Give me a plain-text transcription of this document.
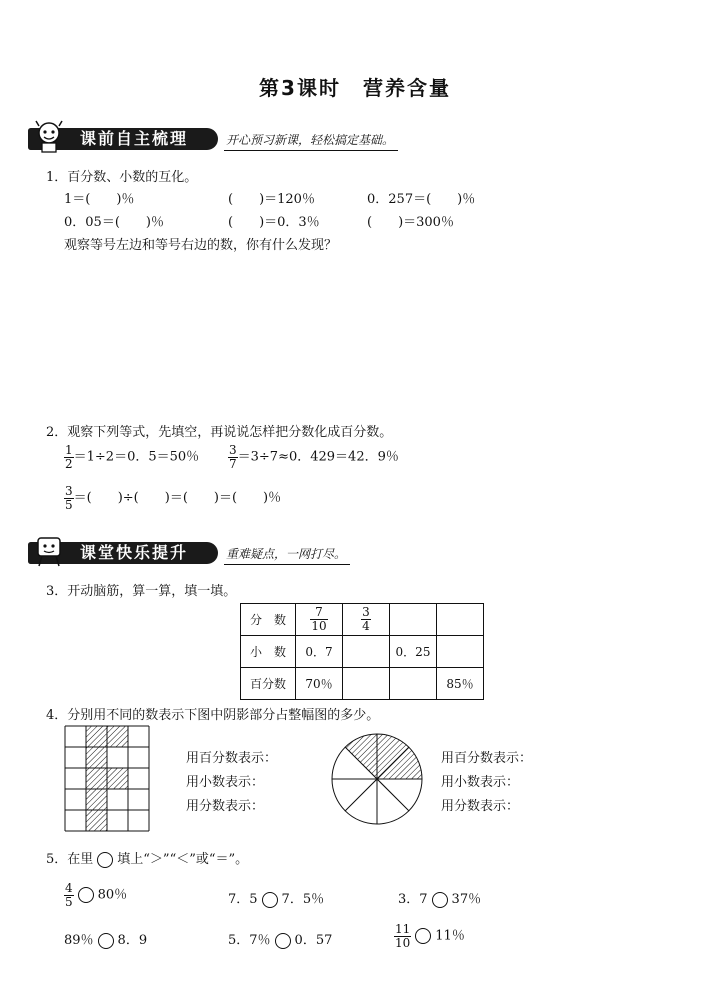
第3课时　营养含量
课前自主梳理	开心预习新课，轻松搞定基础。
1．百分数、小数的互化。
1＝(　　)％	(　　)＝120％	0．257＝(　　)％
0．05＝(　　)％	(　　)＝0．3％	(　　)＝300％
观察等号左边和等号右边的数，你有什么发现？
2．观察下列等式，先填空，再说说怎样把分数化成百分数。
$\frac{1}{2} =1\div 2=0$．5＝50％ $\frac{3}{7} =3\div 7\approx 0$．429＝42．9％
$\frac{3}{5}$ ＝(　　)÷(　　)＝(　　)＝(　　)％
课堂快乐提升	重难疑点，一网打尽。
3．开动脑筋，算一算，填一填。
分　数	$\frac{7}{10}$	$\frac{3}{4}$

小　数	0．7		0．25	
百分数	70％			85％
4．分别用不同的数表示下图中阴影部分占整幅图的多少。
用百分数表示：
用小数表示：
用分数表示：
用百分数表示：
用小数表示：
用分数表示：
5．在里 填上“＞”“＜”或“＝”。
$\frac{4}{5} 80$％	7．5 7．5％	3．7 37％
89％ 8．9	5．7％ 0．57	$\frac{11}{10} 11$％
